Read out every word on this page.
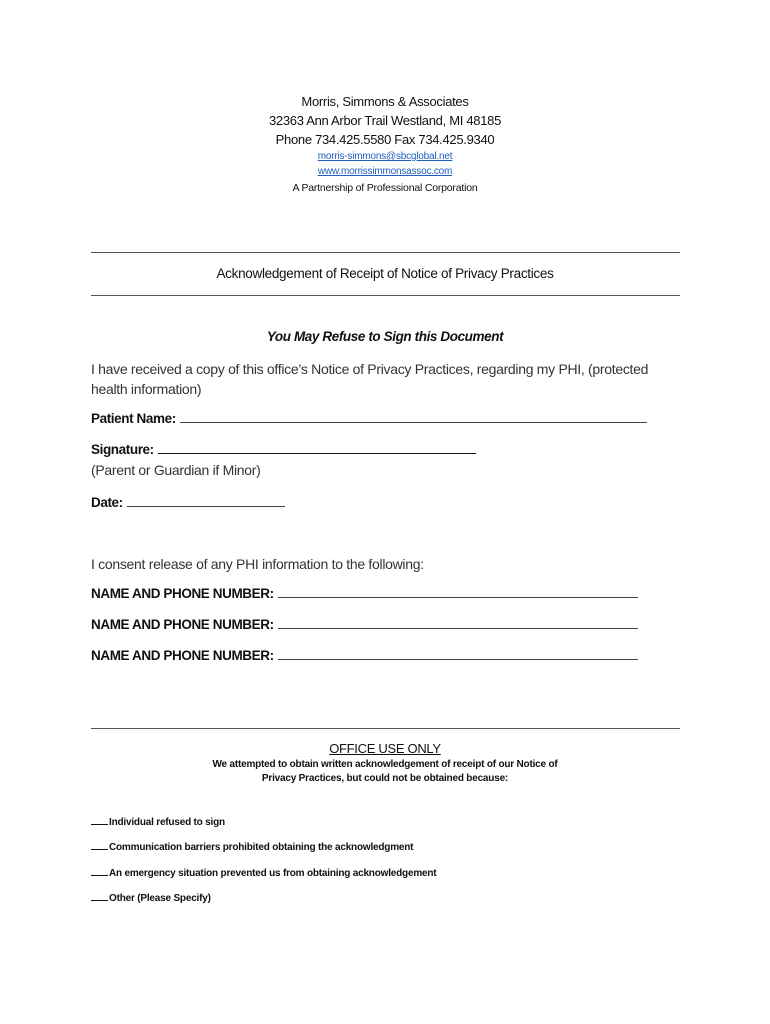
Morris, Simmons & Associates
32363 Ann Arbor Trail Westland, MI 48185
Phone 734.425.5580 Fax 734.425.9340
morris-simmons@sbcglobal.net
www.morrissimmonsassoc.com
A Partnership of Professional Corporation
Acknowledgement of Receipt of Notice of Privacy Practices
You May Refuse to Sign this Document
I have received a copy of this office’s Notice of Privacy Practices, regarding my PHI, (protected health information)
Patient Name:
Signature:
(Parent or Guardian if Minor)
Date:
I consent release of any PHI information to the following:
NAME AND PHONE NUMBER:
NAME AND PHONE NUMBER:
NAME AND PHONE NUMBER:
OFFICE USE ONLY
We attempted to obtain written acknowledgement of receipt of our Notice of
Privacy Practices, but could not be obtained because:
Individual refused to sign
Communication barriers prohibited obtaining the acknowledgment
An emergency situation prevented us from obtaining acknowledgement
Other (Please Specify)
